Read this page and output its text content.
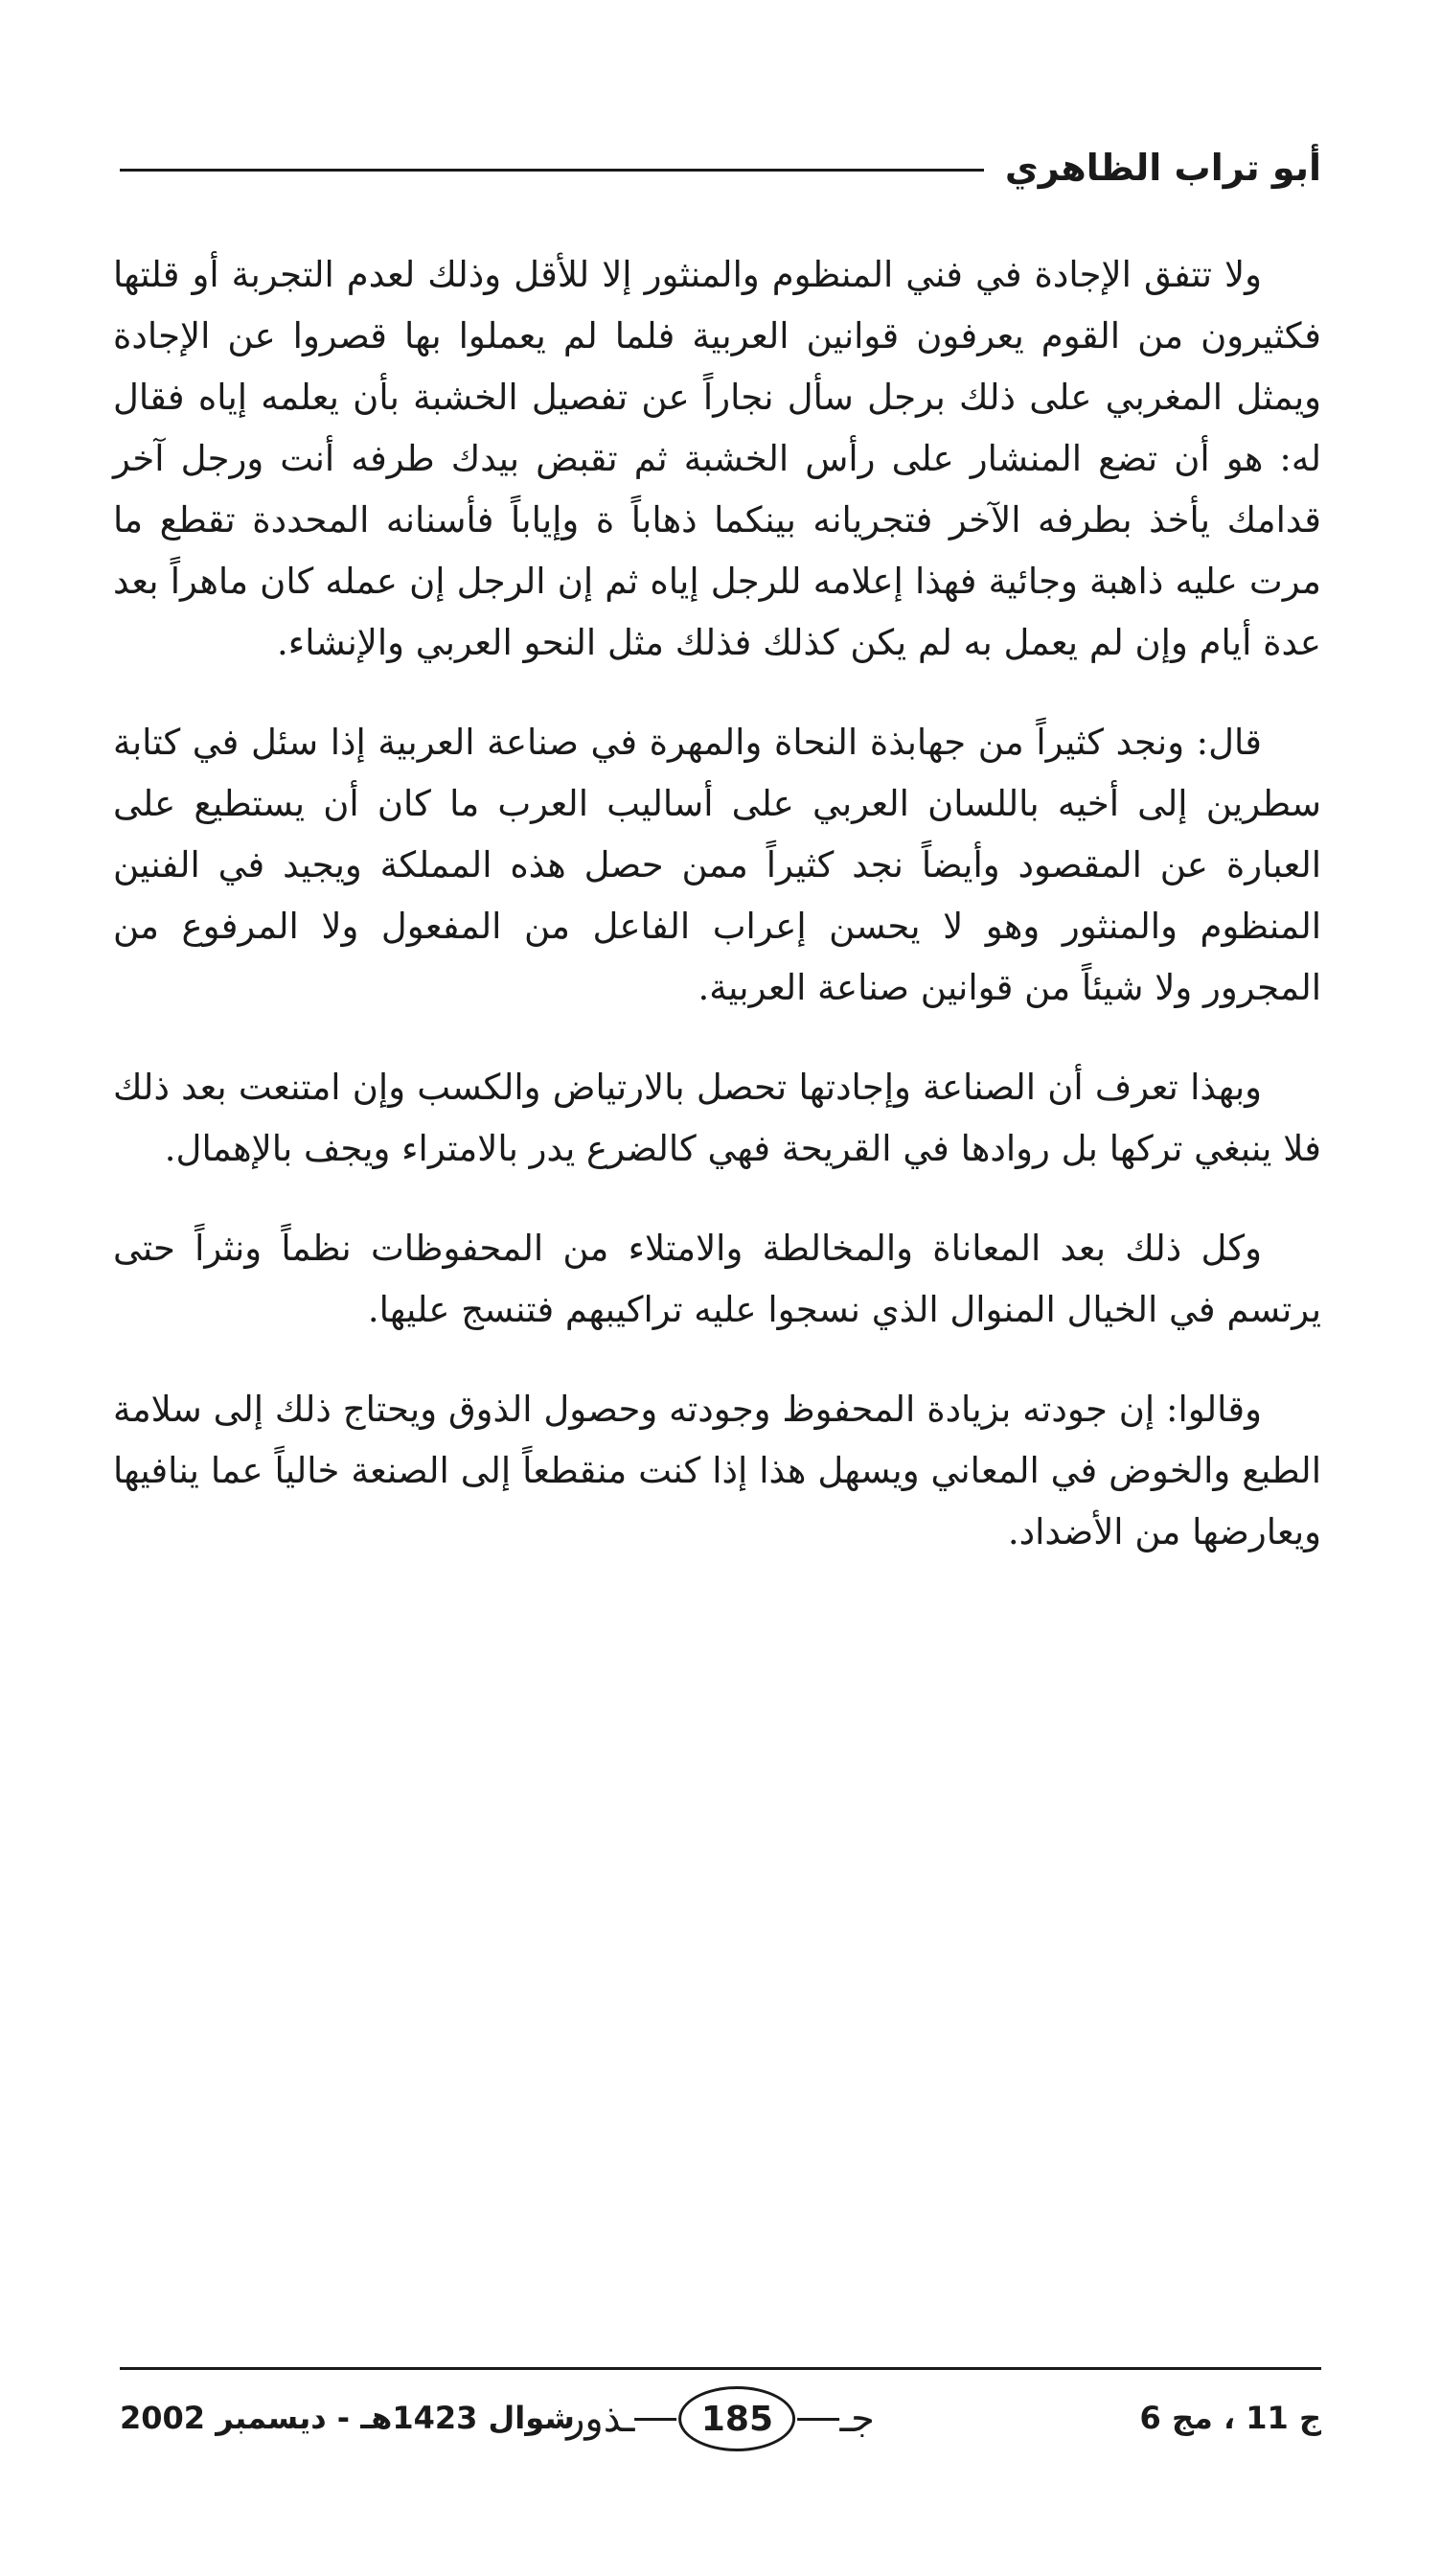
أبو تراب الظاهري

ولا تتفق الإجادة في فني المنظوم والمنثور إلا للأقل وذلك لعدم التجربة أو قلتها فكثيرون من القوم يعرفون قوانين العربية فلما لم يعملوا بها قصروا عن الإجادة ويمثل المغربي على ذلك برجل سأل نجاراً عن تفصيل الخشبة بأن يعلمه إياه فقال له: هو أن تضع المنشار على رأس الخشبة ثم تقبض بيدك طرفه أنت ورجل آخر قدامك يأخذ بطرفه الآخر فتجريانه بينكما ذهاباً ة وإياباً فأسنانه المحددة تقطع ما مرت عليه ذاهبة وجائية فهذا إعلامه للرجل إياه ثم إن الرجل إن عمله كان ماهراً بعد عدة أيام وإن لم يعمل به لم يكن كذلك فذلك مثل النحو العربي والإنشاء.

قال: ونجد كثيراً من جهابذة النحاة والمهرة في صناعة العربية إذا سئل في كتابة سطرين إلى أخيه باللسان العربي على أساليب العرب ما كان أن يستطيع على العبارة عن المقصود وأيضاً نجد كثيراً ممن حصل هذه المملكة ويجيد في الفنين المنظوم والمنثور وهو لا يحسن إعراب الفاعل من المفعول ولا المرفوع من المجرور ولا شيئاً من قوانين صناعة العربية.

وبهذا تعرف أن الصناعة وإجادتها تحصل بالارتياض والكسب وإن امتنعت بعد ذلك فلا ينبغي تركها بل روادها في القريحة فهي كالضرع يدر بالامتراء ويجف بالإهمال.

وكل ذلك بعد المعاناة والمخالطة والامتلاء من المحفوظات نظماً ونثراً حتى يرتسم في الخيال المنوال الذي نسجوا عليه تراكيبهم فتنسج عليها.

وقالوا: إن جودته بزيادة المحفوظ وجودته وحصول الذوق ويحتاج ذلك إلى سلامة الطبع والخوض في المعاني ويسهل هذا إذا كنت منقطعاً إلى الصنعة خالياً عما ينافيها ويعارضها من الأضداد.

ج 11 ، مج 6
جـ
185
ـذور
شوال 1423هـ - ديسمبر 2002
